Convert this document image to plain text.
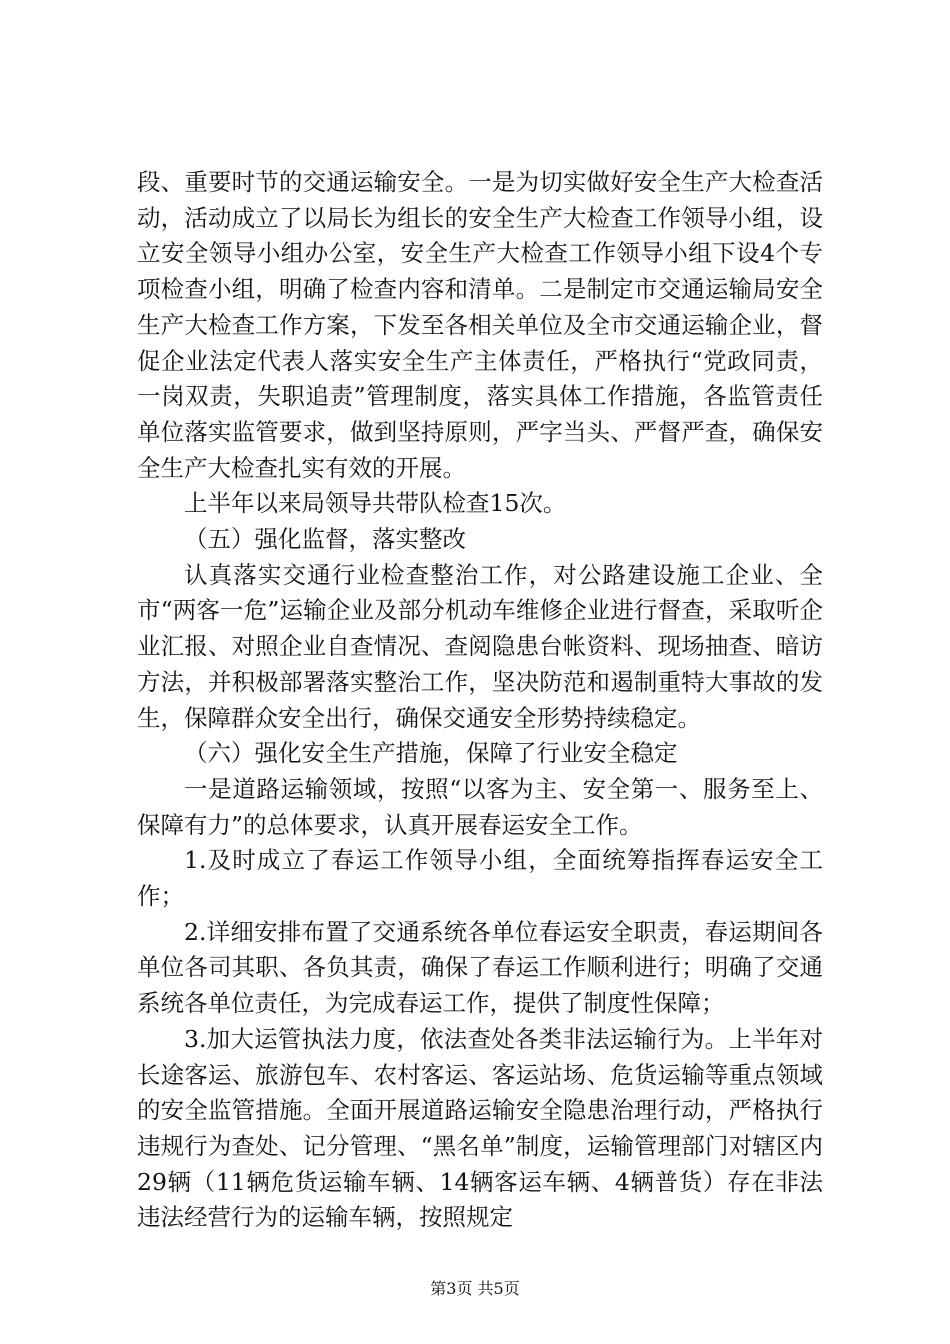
段、重要时节的交通运输安全。一是为切实做好安全生产大检查活动，活动成立了以局长为组长的安全生产大检查工作领导小组，设立安全领导小组办公室，安全生产大检查工作领导小组下设4个专项检查小组，明确了检查内容和清单。二是制定市交通运输局安全生产大检查工作方案，下发至各相关单位及全市交通运输企业，督促企业法定代表人落实安全生产主体责任，严格执行“党政同责，一岗双责，失职追责”管理制度，落实具体工作措施，各监管责任单位落实监管要求，做到坚持原则，严字当头、严督严查，确保安全生产大检查扎实有效的开展。

上半年以来局领导共带队检查15次。

（五）强化监督，落实整改

认真落实交通行业检查整治工作，对公路建设施工企业、全市“两客一危”运输企业及部分机动车维修企业进行督查，采取听企业汇报、对照企业自查情况、查阅隐患台帐资料、现场抽查、暗访方法，并积极部署落实整治工作，坚决防范和遏制重特大事故的发生，保障群众安全出行，确保交通安全形势持续稳定。

（六）强化安全生产措施，保障了行业安全稳定

一是道路运输领域，按照“以客为主、安全第一、服务至上、保障有力”的总体要求，认真开展春运安全工作。

1.及时成立了春运工作领导小组，全面统筹指挥春运安全工作；

2.详细安排布置了交通系统各单位春运安全职责，春运期间各单位各司其职、各负其责，确保了春运工作顺利进行；明确了交通系统各单位责任，为完成春运工作，提供了制度性保障；

3.加大运管执法力度，依法查处各类非法运输行为。上半年对长途客运、旅游包车、农村客运、客运站场、危货运输等重点领域的安全监管措施。全面开展道路运输安全隐患治理行动，严格执行违规行为查处、记分管理、“黑名单”制度，运输管理部门对辖区内29辆（11辆危货运输车辆、14辆客运车辆、4辆普货）存在非法违法经营行为的运输车辆，按照规定

第3页 共5页
